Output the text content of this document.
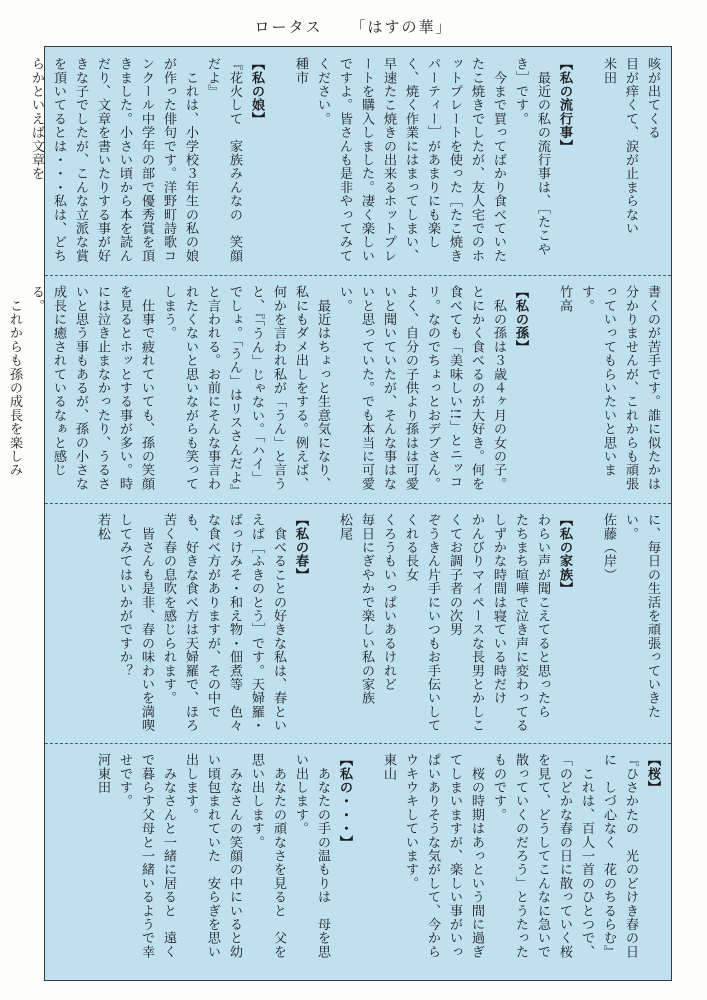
ロータス 「はすの華」

咳が出てくる

目が痒くて、涙が止まらない

米田

【私の流行事】

　最近の私の流行事は、［たこやき］です。

　今まで買ってばかり食べていたたこ焼きでしたが、友人宅でのホットプレートを使った［たこ焼きパーティー］があまりにも楽しく、焼く作業にはまってしまい、早速たこ焼きの出来るホットプレートを購入しました。凄く楽しいですよ。皆さんも是非やってみてください。

種市

【私の娘】

『花火して　家族みんなの　笑顔だよ』

　これは、小学校３年生の私の娘が作った俳句です。洋野町詩歌コンクール中学年の部で優秀賞を頂きました。小さい頃から本を読んだり、文章を書いたりする事が好きな子でしたが、こんな立派な賞を頂いてるとは・・・私は、どちらかといえば文章を

書くのが苦手です。誰に似たかは分かりませんが、これからも頑張っていってもらいたいと思います。

竹高

【私の孫】

　私の孫は３歳４ヶ月の女の子。とにかく食べるのが大好き。何を食べても「美味しい!!」とニッコリ。なのでちょっとおデブさん。よく、自分の子供より孫はは可愛いと聞いていたが、そんな事はないと思っていた。でも本当に可愛い。

　最近はちょっと生意気になり、私にもダメ出しをする。例えば、何かを言われ私が「うん」と言うと、『「うん」じゃない。「ハイ」でしょ。「うん」はリスさんだよ』と言われる。お前にそんな事言われたくないと思いながらも笑ってしまう。

　仕事で疲れていても、孫の笑顔を見るとホッとする事が多い。時には泣き止まなかったり、うるさいと思う事もあるが、孫の小さな成長に癒されているなぁと感じる。

　これからも孫の成長を楽しみ

に、毎日の生活を頑張っていきたい。

佐藤（岸）

【私の家族】

わらい声が聞こえてると思ったら

たちまち喧嘩で泣き声に変わってる

しずかな時間は寝ている時だけ

かんびりマイペースな長男とかしこくてお調子者の次男

ぞうきん片手にいつもお手伝いしてくれる長女

くろうもいっぱいあるけれど

毎日にぎやかで楽しい私の家族

松尾

【私の春】

　食べることの好きな私は、春といえば［ふきのとう］です。天婦羅・ばっけみそ・和え物・佃煮等　色々な食べ方がありますが、その中でも、好きな食べ方は天婦羅で、ほろ苦く春の息吹を感じられます。

　皆さんも是非、春の味わいを満喫してみてはいかがですか？

若松

【桜】

『ひさかたの　光のどけき春の日に　しづ心なく　花のちるらむ』

　これは、百人一首のひとつで、「のどかな春の日に散っていく桜を見て、どうしてこんなに急いで散っていくのだろう」とうたったものです。

　桜の時期はあっという間に過ぎてしまいますが、楽しい事がいっぱいありそうな気がして、今からウキウキしています。

東山

【私の・・・】

　あなたの手の温もりは　母を思い出します。

　あなたの頑なさを見ると　父を思い出します。

　みなさんの笑顔の中にいると幼い頃包まれていた　安らぎを思い出します。

　みなさんと一緒に居ると　遠くで暮らす父母と一緒いるようで幸せです。

河東田
